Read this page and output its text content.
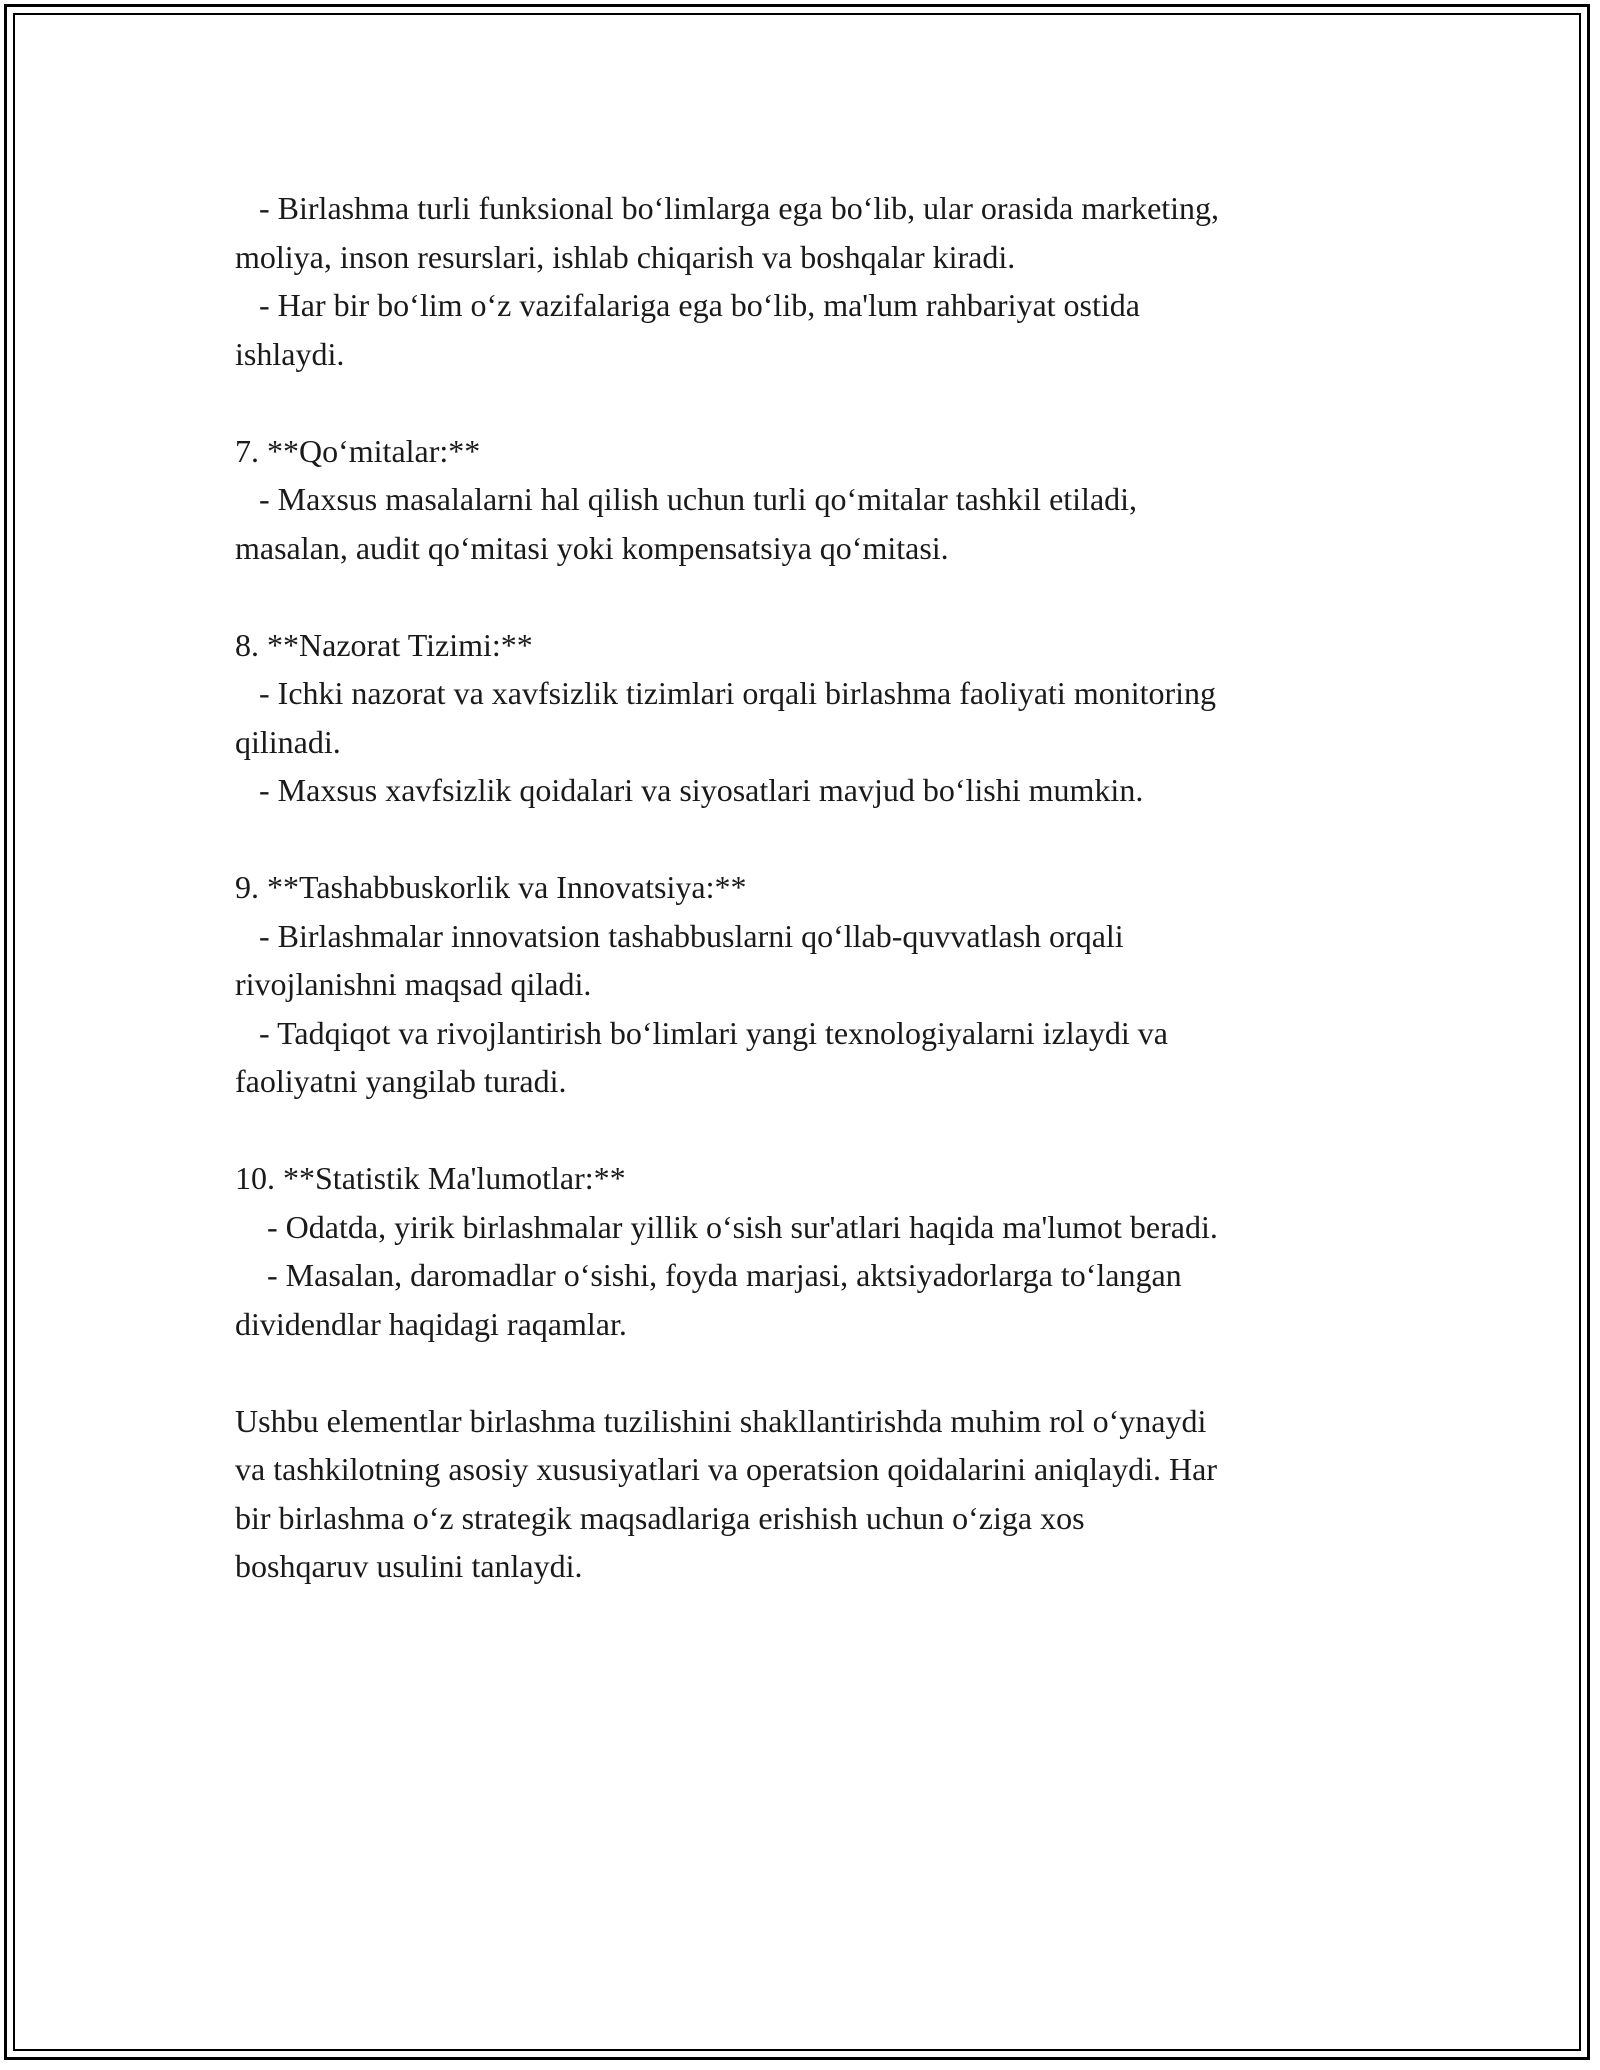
- Birlashma turli funksional bo‘limlarga ega bo‘lib, ular orasida marketing,

moliya, inson resurslari, ishlab chiqarish va boshqalar kiradi.

- Har bir bo‘lim o‘z vazifalariga ega bo‘lib, ma'lum rahbariyat ostida

ishlaydi.

7. **Qo‘mitalar:**

- Maxsus masalalarni hal qilish uchun turli qo‘mitalar tashkil etiladi,

masalan, audit qo‘mitasi yoki kompensatsiya qo‘mitasi.

8. **Nazorat Tizimi:**

- Ichki nazorat va xavfsizlik tizimlari orqali birlashma faoliyati monitoring

qilinadi.

- Maxsus xavfsizlik qoidalari va siyosatlari mavjud bo‘lishi mumkin.

9. **Tashabbuskorlik va Innovatsiya:**

- Birlashmalar innovatsion tashabbuslarni qo‘llab-quvvatlash orqali

rivojlanishni maqsad qiladi.

- Tadqiqot va rivojlantirish bo‘limlari yangi texnologiyalarni izlaydi va

faoliyatni yangilab turadi.

10. **Statistik Ma'lumotlar:**

- Odatda, yirik birlashmalar yillik o‘sish sur'atlari haqida ma'lumot beradi.

- Masalan, daromadlar o‘sishi, foyda marjasi, aktsiyadorlarga to‘langan

dividendlar haqidagi raqamlar.

Ushbu elementlar birlashma tuzilishini shakllantirishda muhim rol o‘ynaydi

va tashkilotning asosiy xususiyatlari va operatsion qoidalarini aniqlaydi. Har

bir birlashma o‘z strategik maqsadlariga erishish uchun o‘ziga xos

boshqaruv usulini tanlaydi.
